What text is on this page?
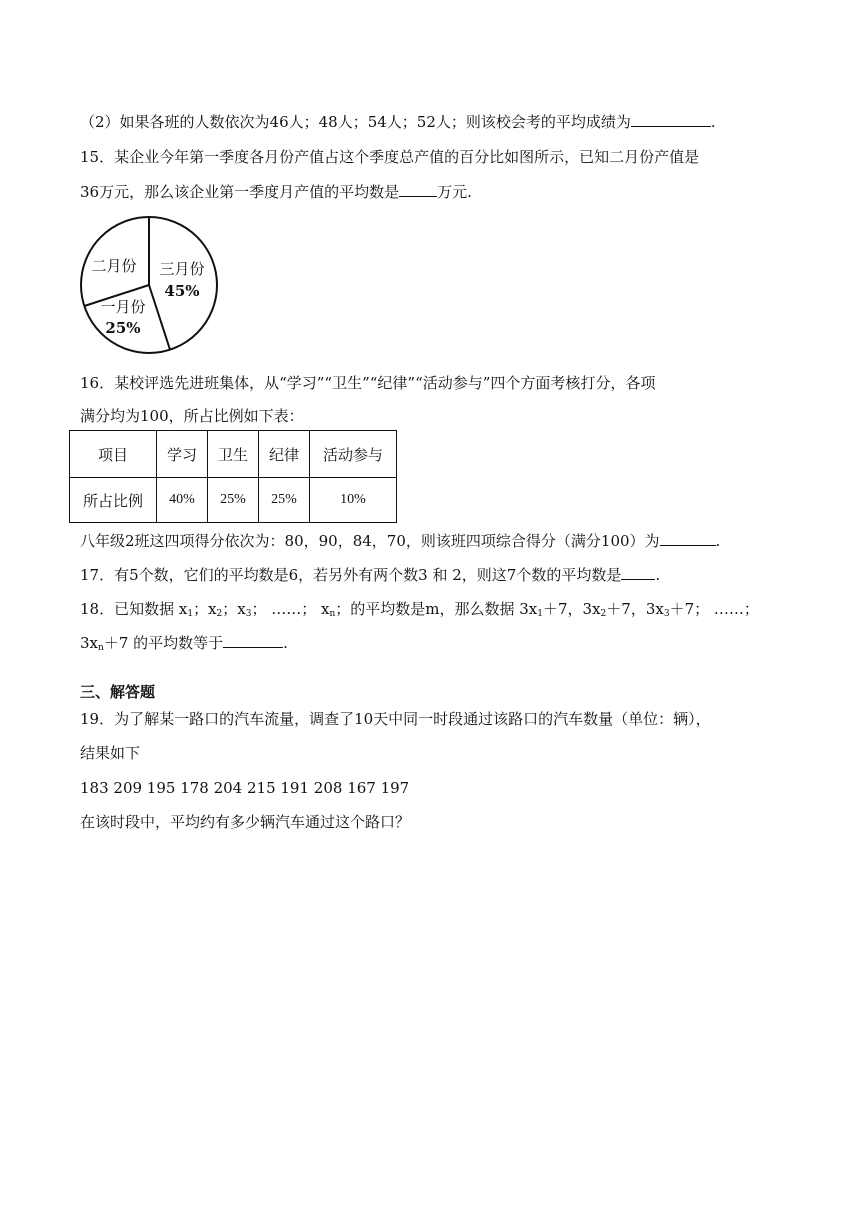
（2）如果各班的人数依次为46人；48人；54人；52人；则该校会考的平均成绩为	.
15．某企业今年第一季度各月份产值占这个季度总产值的百分比如图所示，已知二月份产值是
36万元，那么该企业第一季度月产值的平均数是	万元.
一月份
25%
二月份 三月份
45%
16．某校评选先进班集体，从“学习”“卫生”“纪律”“活动参与”四个方面考核打分，各项
满分均为100，所占比例如下表：
项目	学习	卫生	纪律	活动参与
所占比例	40%	25%	25%	10%
八年级2班这四项得分依次为：80，90，84，70，则该班四项综合得分（满分100）为	.
17．有5个数，它们的平均数是6，若另外有两个数3 和 2，则这7个数的平均数是 .
18．已知数据 $x_1$；$x_2$；$x_3$； ……； $x_n$；的平均数是m，那么数据 $3x_1+7$，$3x_2+7$，$3x_3+7$； ……；
$3x_n+7$ 的平均数等于	.
三、解答题
19．为了解某一路口的汽车流量，调查了10天中同一时段通过该路口的汽车数量（单位：辆），
结果如下
183 209 195 178 204 215 191 208 167 197
在该时段中，平均约有多少辆汽车通过这个路口？
